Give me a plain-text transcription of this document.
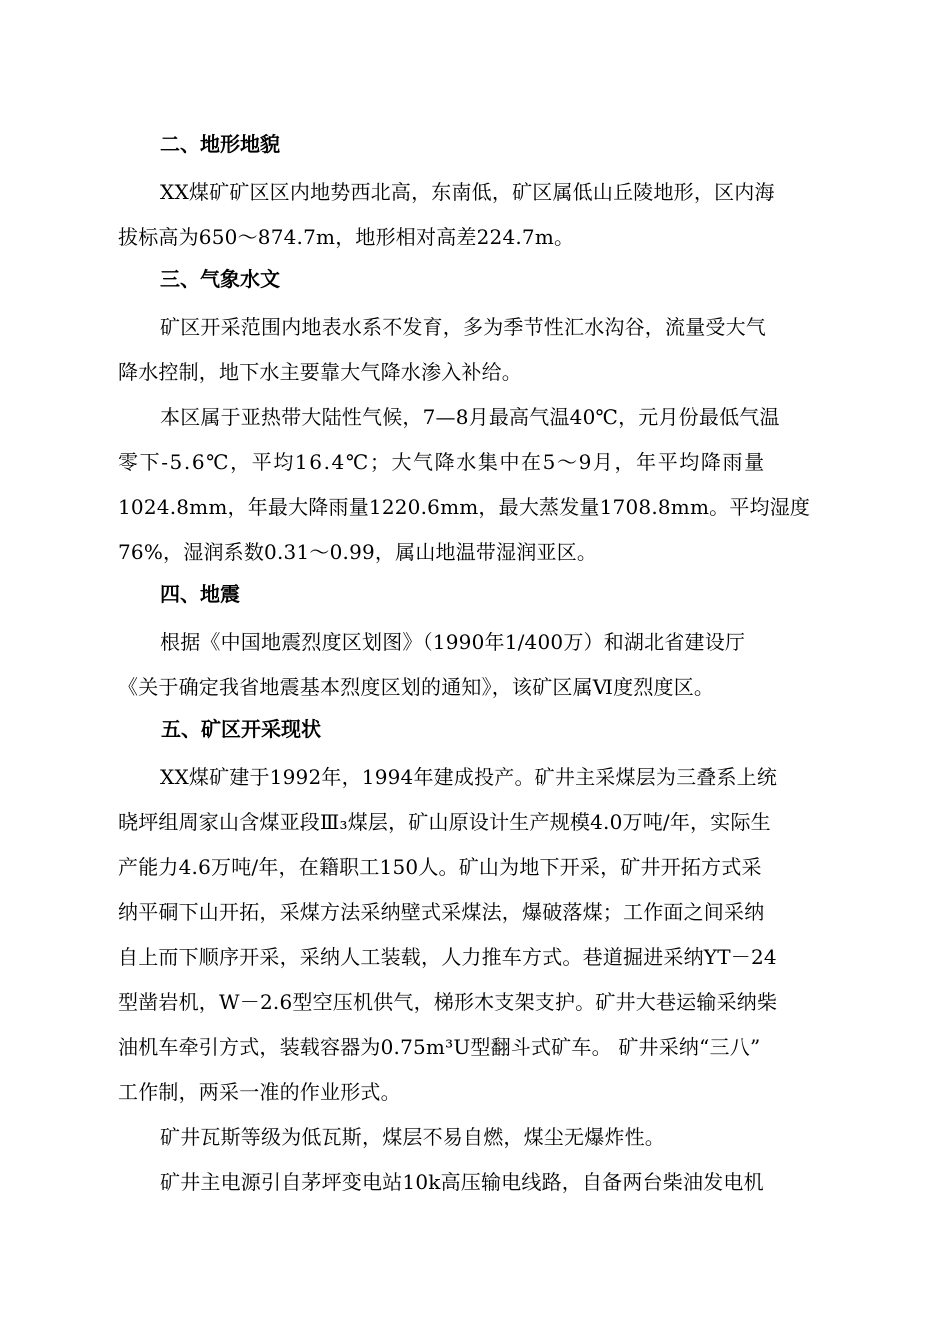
二、地形地貌
XX煤矿矿区区内地势西北高，东南低，矿区属低山丘陵地形，区内海
拔标高为650～874.7m，地形相对高差224.7m。
三、气象水文
矿区开采范围内地表水系不发育，多为季节性汇水沟谷，流量受大气
降水控制，地下水主要靠大气降水渗入补给。
本区属于亚热带大陆性气候，7—8月最高气温40℃，元月份最低气温
零下-5.6℃，平均16.4℃；大气降水集中在5～9月，年平均降雨量
1024.8mm，年最大降雨量1220.6mm，最大蒸发量1708.8mm。平均湿度
76%，湿润系数0.31～0.99，属山地温带湿润亚区。
四、地震
根据《中国地震烈度区划图》（1990年1/400万）和湖北省建设厅
《关于确定我省地震基本烈度区划的通知》，该矿区属Ⅵ度烈度区。
五、矿区开采现状
XX煤矿建于1992年，1994年建成投产。矿井主采煤层为三叠系上统
晓坪组周家山含煤亚段Ⅲ₃煤层，矿山原设计生产规模4.0万吨/年，实际生
产能力4.6万吨/年，在籍职工150人。矿山为地下开采，矿井开拓方式采
纳平硐下山开拓，采煤方法采纳壁式采煤法，爆破落煤；工作面之间采纳
自上而下顺序开采，采纳人工装载，人力推车方式。巷道掘进采纳YT－24
型凿岩机，W－2.6型空压机供气，梯形木支架支护。矿井大巷运输采纳柴
油机车牵引方式，装载容器为0.75m³U型翻斗式矿车。 矿井采纳“三八”
工作制，两采一准的作业形式。
矿井瓦斯等级为低瓦斯，煤层不易自燃，煤尘无爆炸性。
矿井主电源引自茅坪变电站10k高压输电线路，自备两台柴油发电机
